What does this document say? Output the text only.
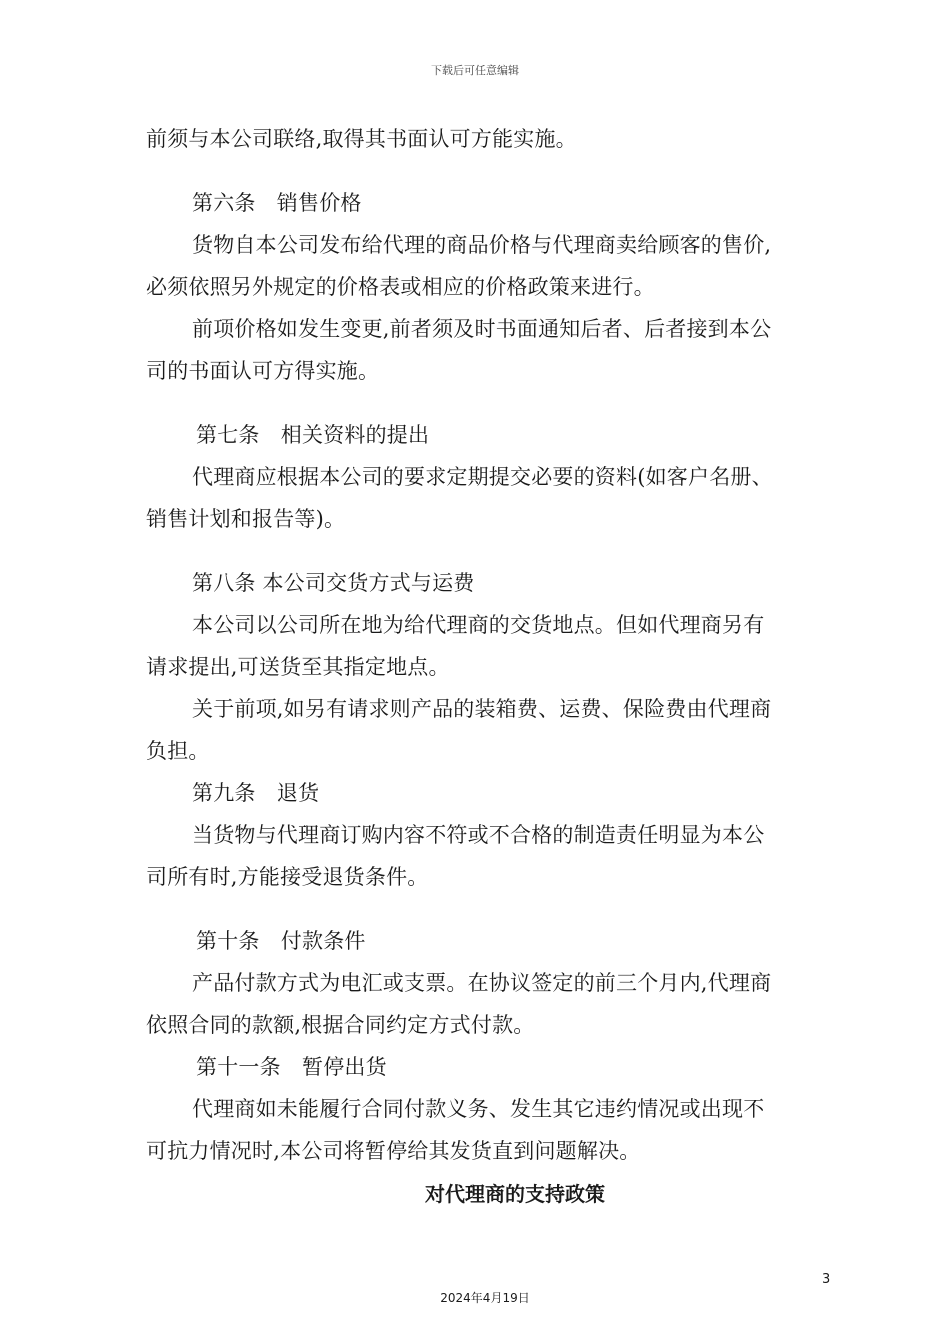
下载后可任意编辑
前须与本公司联络,取得其书面认可方能实施。
第六条　销售价格
货物自本公司发布给代理的商品价格与代理商卖给顾客的售价,
必须依照另外规定的价格表或相应的价格政策来进行。
前项价格如发生变更,前者须及时书面通知后者、后者接到本公
司的书面认可方得实施。
第七条　相关资料的提出
代理商应根据本公司的要求定期提交必要的资料(如客户名册、
销售计划和报告等)。
第八条 本公司交货方式与运费
本公司以公司所在地为给代理商的交货地点。但如代理商另有
请求提出,可送货至其指定地点。
关于前项,如另有请求则产品的装箱费、运费、保险费由代理商
负担。
第九条　退货
当货物与代理商订购内容不符或不合格的制造责任明显为本公
司所有时,方能接受退货条件。
第十条　付款条件
产品付款方式为电汇或支票。在协议签定的前三个月内,代理商
依照合同的款额,根据合同约定方式付款。
第十一条　暂停出货
代理商如未能履行合同付款义务、发生其它违约情况或出现不
可抗力情况时,本公司将暂停给其发货直到问题解决。
对代理商的支持政策
3
2024年4月19日
